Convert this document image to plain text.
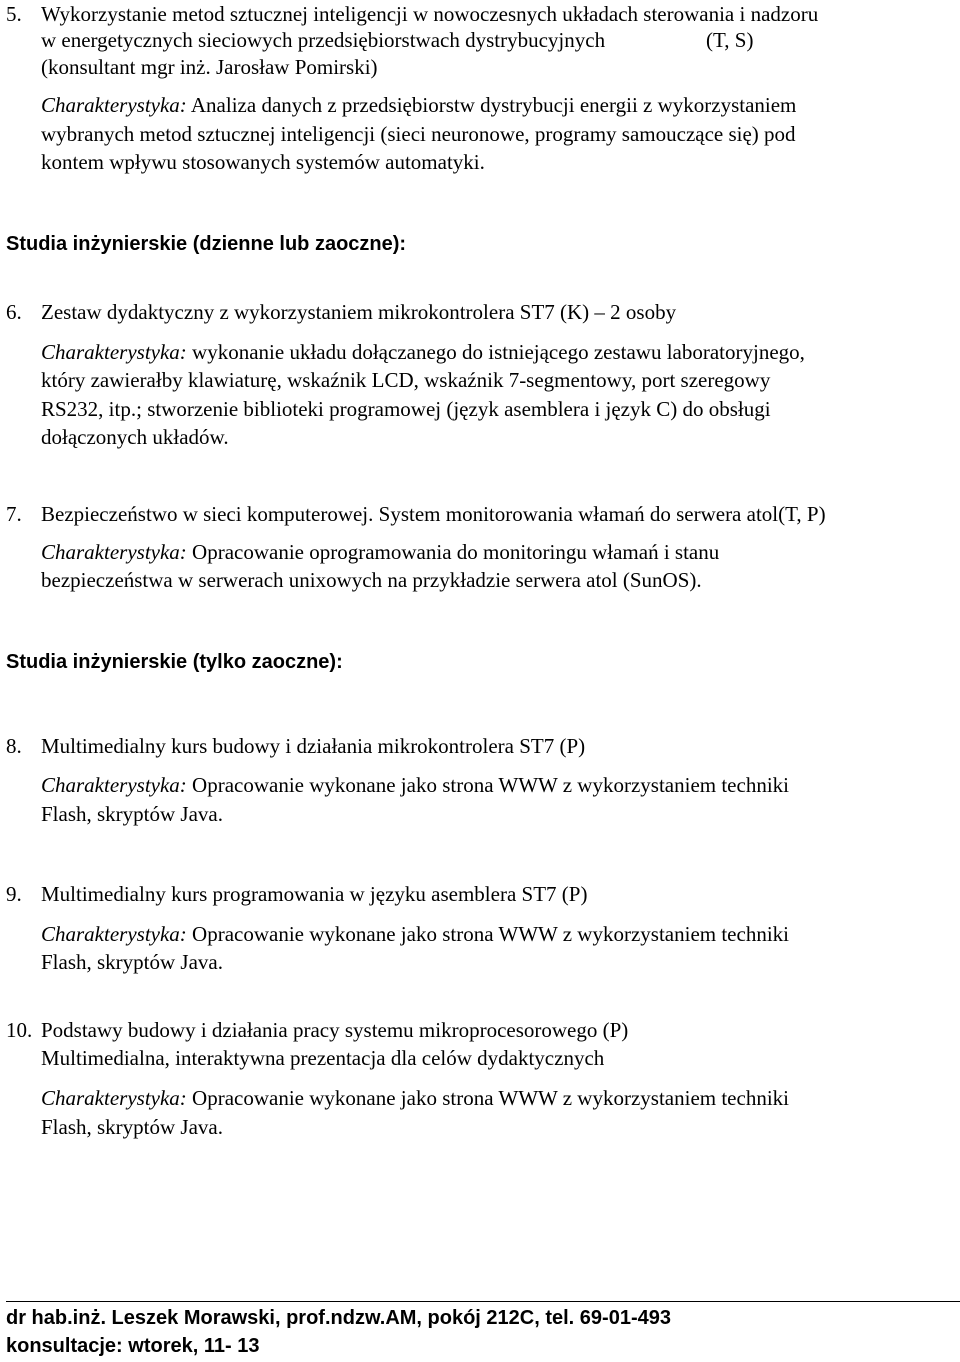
5. Wykorzystanie metod sztucznej inteligencji w nowoczesnych układach sterowania i nadzoru
w energetycznych sieciowych przedsiębiorstwach dystrybucyjnych	(T, S)
(konsultant mgr inż. Jarosław Pomirski)
Charakterystyka: Analiza danych z przedsiębiorstw dystrybucji energii z wykorzystaniem
wybranych metod sztucznej inteligencji (sieci neuronowe, programy samouczące się) pod
kontem wpływu stosowanych systemów automatyki.
Studia inżynierskie (dzienne lub zaoczne):
6. Zestaw dydaktyczny z wykorzystaniem mikrokontrolera ST7 (K) – 2 osoby
Charakterystyka: wykonanie układu dołączanego do istniejącego zestawu laboratoryjnego,
który zawierałby klawiaturę, wskaźnik LCD, wskaźnik 7-segmentowy, port szeregowy
RS232, itp.; stworzenie biblioteki programowej (język asemblera i język C) do obsługi
dołączonych układów.
7. Bezpieczeństwo w sieci komputerowej. System monitorowania włamań do serwera atol(T, P)
Charakterystyka: Opracowanie oprogramowania do monitoringu włamań i stanu
bezpieczeństwa w serwerach unixowych na przykładzie serwera atol (SunOS).
Studia inżynierskie (tylko zaoczne):
8. Multimedialny kurs budowy i działania mikrokontrolera ST7 (P)
Charakterystyka: Opracowanie wykonane jako strona WWW z wykorzystaniem techniki
Flash, skryptów Java.
9. Multimedialny kurs programowania w języku asemblera ST7 (P)
Charakterystyka: Opracowanie wykonane jako strona WWW z wykorzystaniem techniki
Flash, skryptów Java.
10. Podstawy budowy i działania pracy systemu mikroprocesorowego (P)
Multimedialna, interaktywna prezentacja dla celów dydaktycznych
Charakterystyka: Opracowanie wykonane jako strona WWW z wykorzystaniem techniki
Flash, skryptów Java.
dr hab.inż. Leszek Morawski, prof.ndzw.AM, pokój 212C, tel. 69-01-493
konsultacje: wtorek, 11- 13
